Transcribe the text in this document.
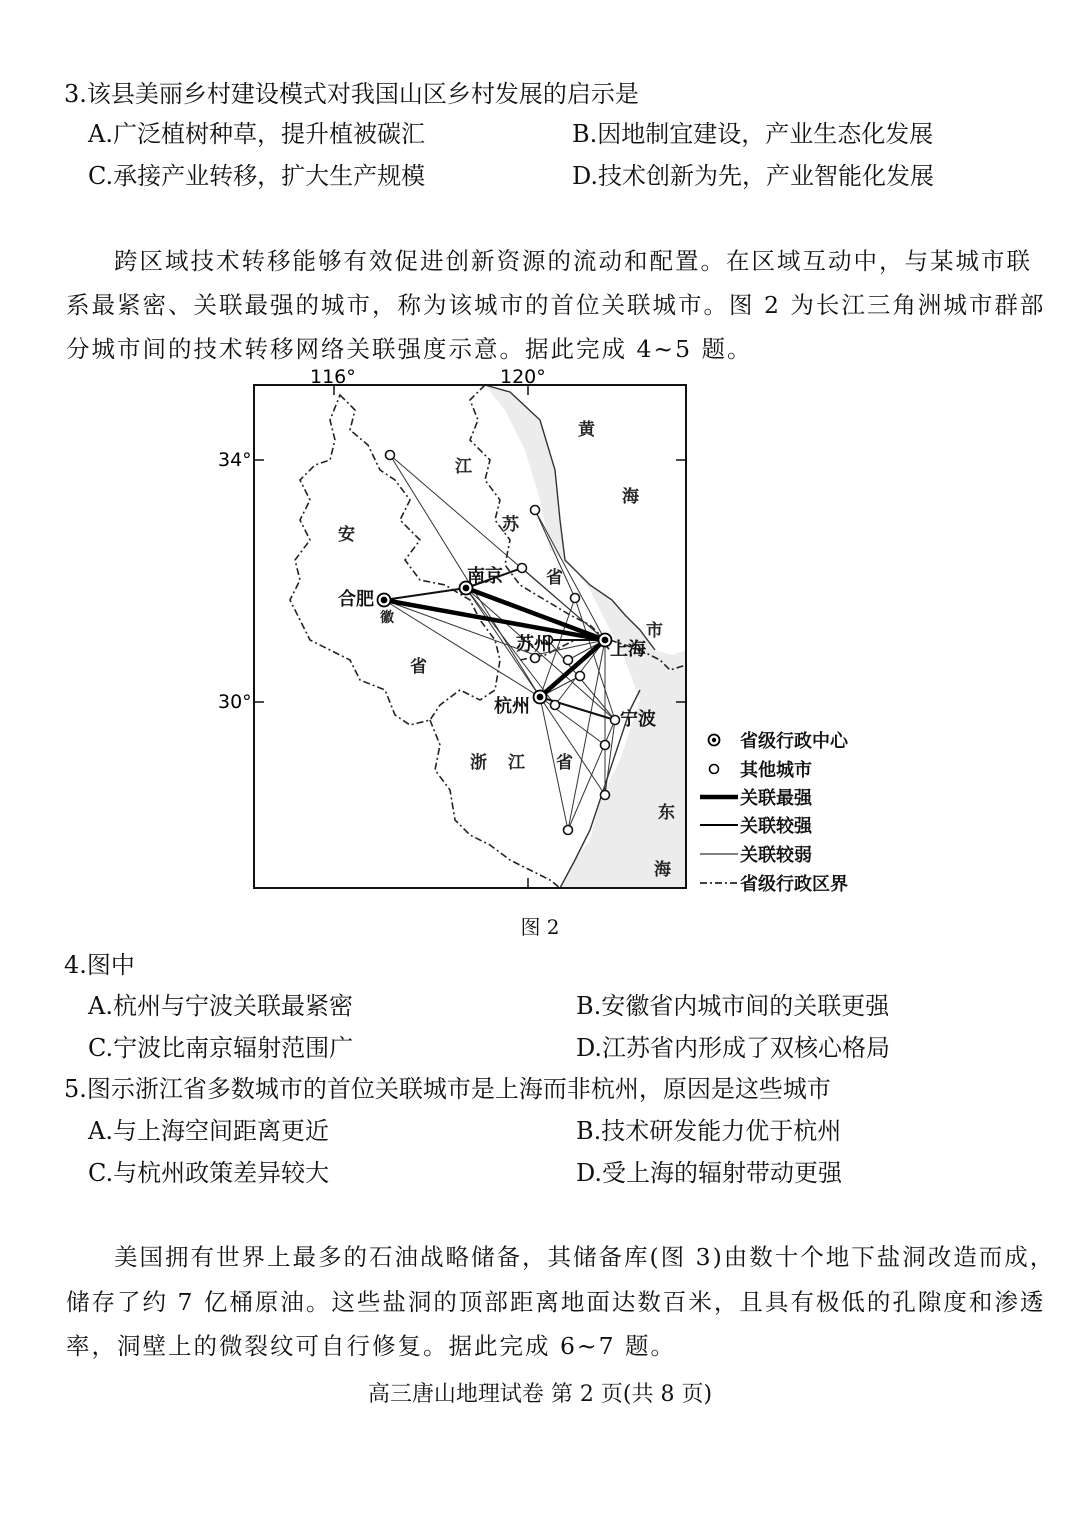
3.该县美丽乡村建设模式对我国山区乡村发展的启示是
A.广泛植树种草，提升植被碳汇	B.因地制宜建设，产业生态化发展
C.承接产业转移，扩大生产规模	D.技术创新为先，产业智能化发展
跨区域技术转移能够有效促进创新资源的流动和配置。在区域互动中，与某城市联
系最紧密、关联最强的城市，称为该城市的首位关联城市。图 2 为长江三角洲城市群部
分城市间的技术转移网络关联强度示意。据此完成 4~5 题。
116°	120°
34°
30°
南京
合肥
苏州	上海
杭州
宁波
黄
海
江
苏
省
安
徽
省
浙 江 省
市
东
海
省级行政中心
其他城市
关联最强
关联较强
关联较弱
省级行政区界
图 2
4.图中
A.杭州与宁波关联最紧密	B.安徽省内城市间的关联更强
C.宁波比南京辐射范围广	D.江苏省内形成了双核心格局
5.图示浙江省多数城市的首位关联城市是上海而非杭州，原因是这些城市
A.与上海空间距离更近	B.技术研发能力优于杭州
C.与杭州政策差异较大	D.受上海的辐射带动更强
美国拥有世界上最多的石油战略储备，其储备库(图 3)由数十个地下盐洞改造而成，
储存了约 7 亿桶原油。这些盐洞的顶部距离地面达数百米，且具有极低的孔隙度和渗透
率，洞壁上的微裂纹可自行修复。据此完成 6~7 题。
高三唐山地理试卷 第 2 页(共 8 页)
